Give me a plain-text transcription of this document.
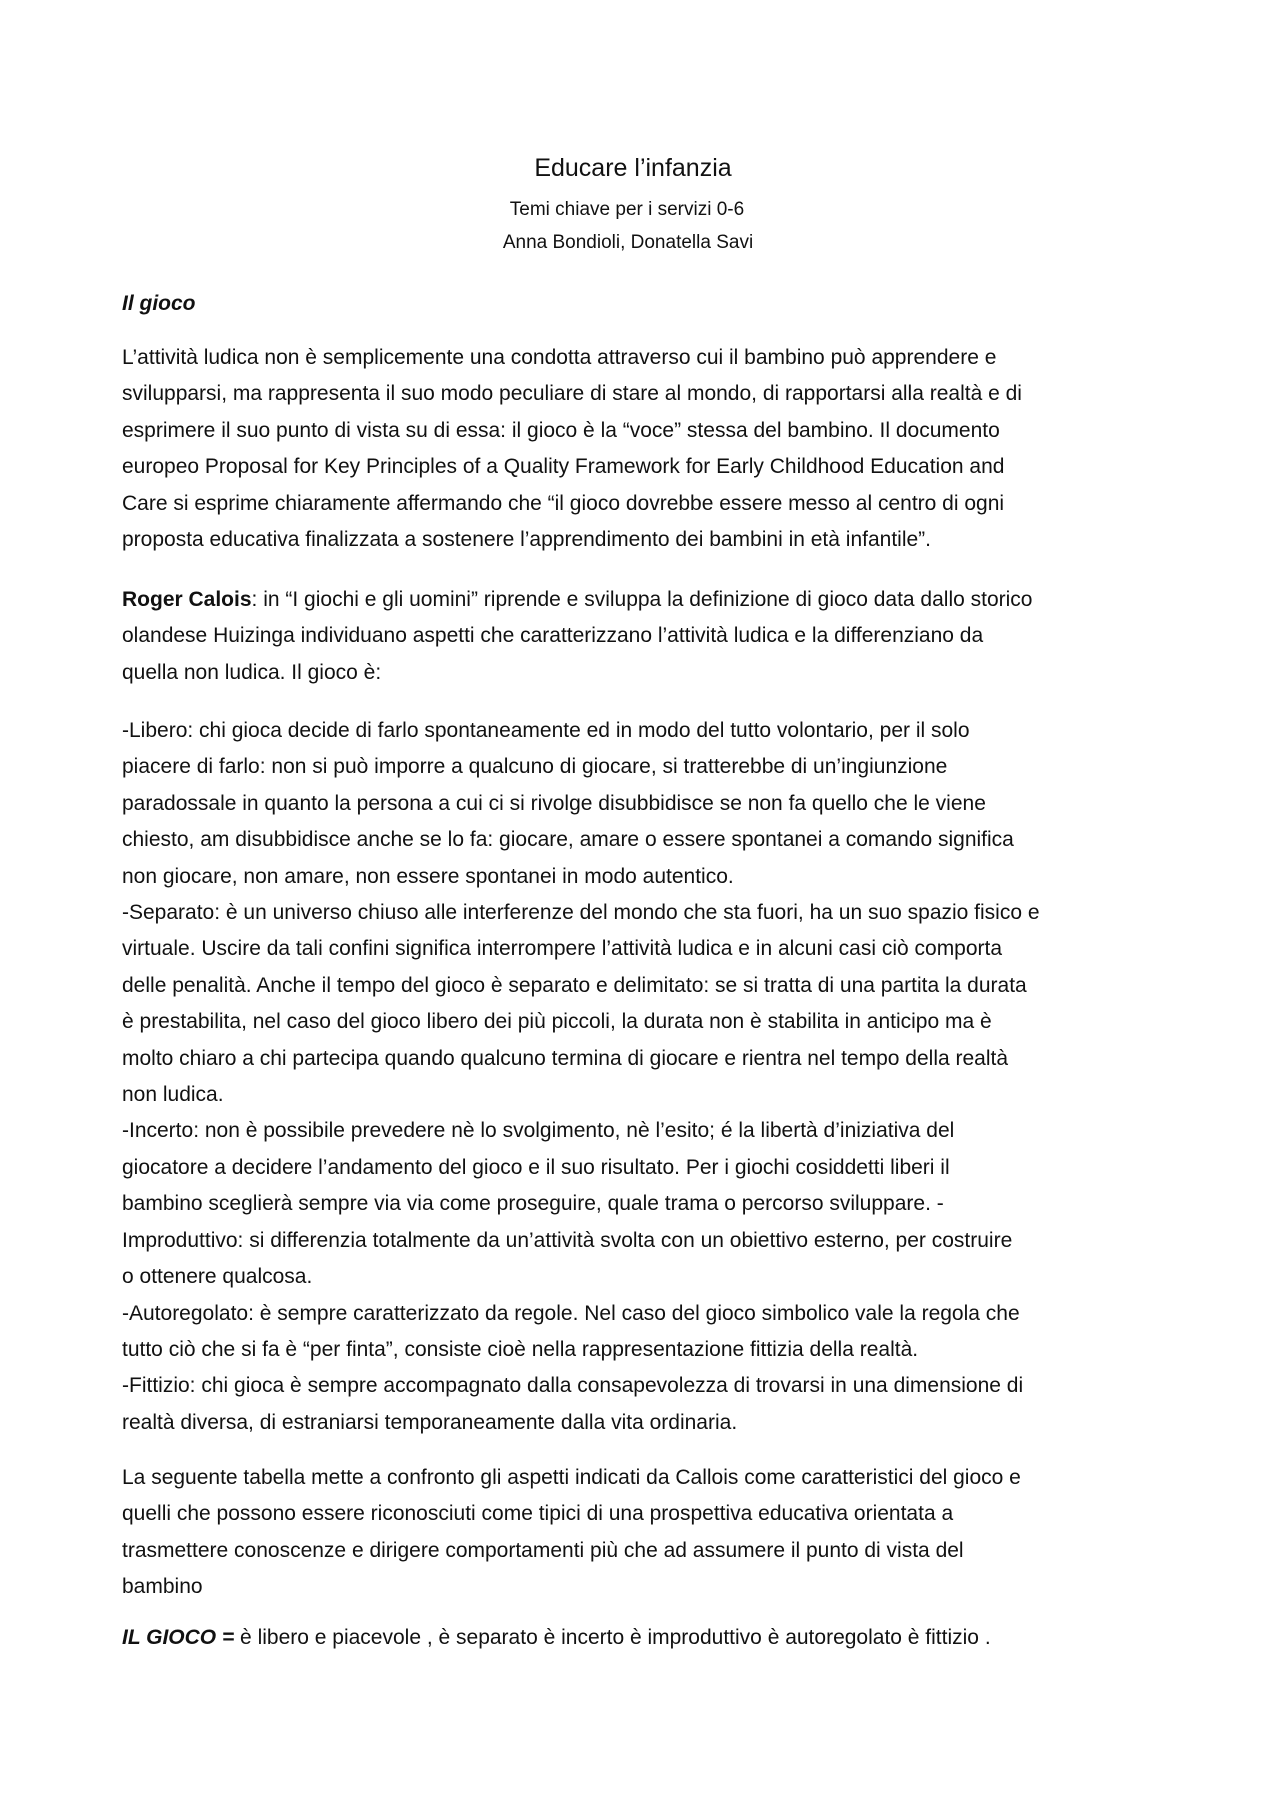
Educare l’infanzia
Temi chiave per i servizi 0-6
Anna Bondioli, Donatella Savi
Il gioco
L’attività ludica non è semplicemente una condotta attraverso cui il bambino può apprendere e
svilupparsi, ma rappresenta il suo modo peculiare di stare al mondo, di rapportarsi alla realtà e di
esprimere il suo punto di vista su di essa: il gioco è la “voce” stessa del bambino. Il documento
europeo Proposal for Key Principles of a Quality Framework for Early Childhood Education and
Care si esprime chiaramente affermando che “il gioco dovrebbe essere messo al centro di ogni
proposta educativa finalizzata a sostenere l’apprendimento dei bambini in età infantile”.
Roger Calois: in “I giochi e gli uomini” riprende e sviluppa la definizione di gioco data dallo storico
olandese Huizinga individuano aspetti che caratterizzano l’attività ludica e la differenziano da
quella non ludica. Il gioco è:
-Libero: chi gioca decide di farlo spontaneamente ed in modo del tutto volontario, per il solo
piacere di farlo: non si può imporre a qualcuno di giocare, si tratterebbe di un’ingiunzione
paradossale in quanto la persona a cui ci si rivolge disubbidisce se non fa quello che le viene
chiesto, am disubbidisce anche se lo fa: giocare, amare o essere spontanei a comando significa
non giocare, non amare, non essere spontanei in modo autentico.
-Separato: è un universo chiuso alle interferenze del mondo che sta fuori, ha un suo spazio fisico e
virtuale. Uscire da tali confini significa interrompere l’attività ludica e in alcuni casi ciò comporta
delle penalità. Anche il tempo del gioco è separato e delimitato: se si tratta di una partita la durata
è prestabilita, nel caso del gioco libero dei più piccoli, la durata non è stabilita in anticipo ma è
molto chiaro a chi partecipa quando qualcuno termina di giocare e rientra nel tempo della realtà
non ludica.
-Incerto: non è possibile prevedere nè lo svolgimento, nè l’esito; é la libertà d’iniziativa del
giocatore a decidere l’andamento del gioco e il suo risultato. Per i giochi cosiddetti liberi il
bambino sceglierà sempre via via come proseguire, quale trama o percorso sviluppare. -
Improduttivo: si differenzia totalmente da un’attività svolta con un obiettivo esterno, per costruire
o ottenere qualcosa.
-Autoregolato: è sempre caratterizzato da regole. Nel caso del gioco simbolico vale la regola che
tutto ciò che si fa è “per finta”, consiste cioè nella rappresentazione fittizia della realtà.
-Fittizio: chi gioca è sempre accompagnato dalla consapevolezza di trovarsi in una dimensione di
realtà diversa, di estraniarsi temporaneamente dalla vita ordinaria.
La seguente tabella mette a confronto gli aspetti indicati da Callois come caratteristici del gioco e
quelli che possono essere riconosciuti come tipici di una prospettiva educativa orientata a
trasmettere conoscenze e dirigere comportamenti più che ad assumere il punto di vista del
bambino
IL GIOCO = è libero e piacevole , è separato è incerto è improduttivo è autoregolato è fittizio .
